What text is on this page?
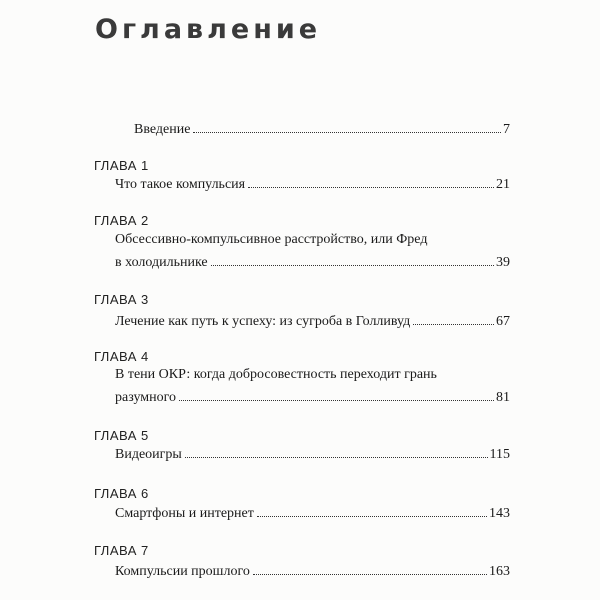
Оглавление
Введение	7
ГЛАВА 1
Что такое компульсия	21
ГЛАВА 2
Обсессивно-компульсивное расстройство, или Фред
в холодильнике	39
ГЛАВА 3
Лечение как путь к успеху: из сугроба в Голливуд	67
ГЛАВА 4
В тени ОКР: когда добросовестность переходит грань
разумного	81
ГЛАВА 5
Видеоигры	115
ГЛАВА 6
Смартфоны и интернет	143
ГЛАВА 7
Компульсии прошлого	163
